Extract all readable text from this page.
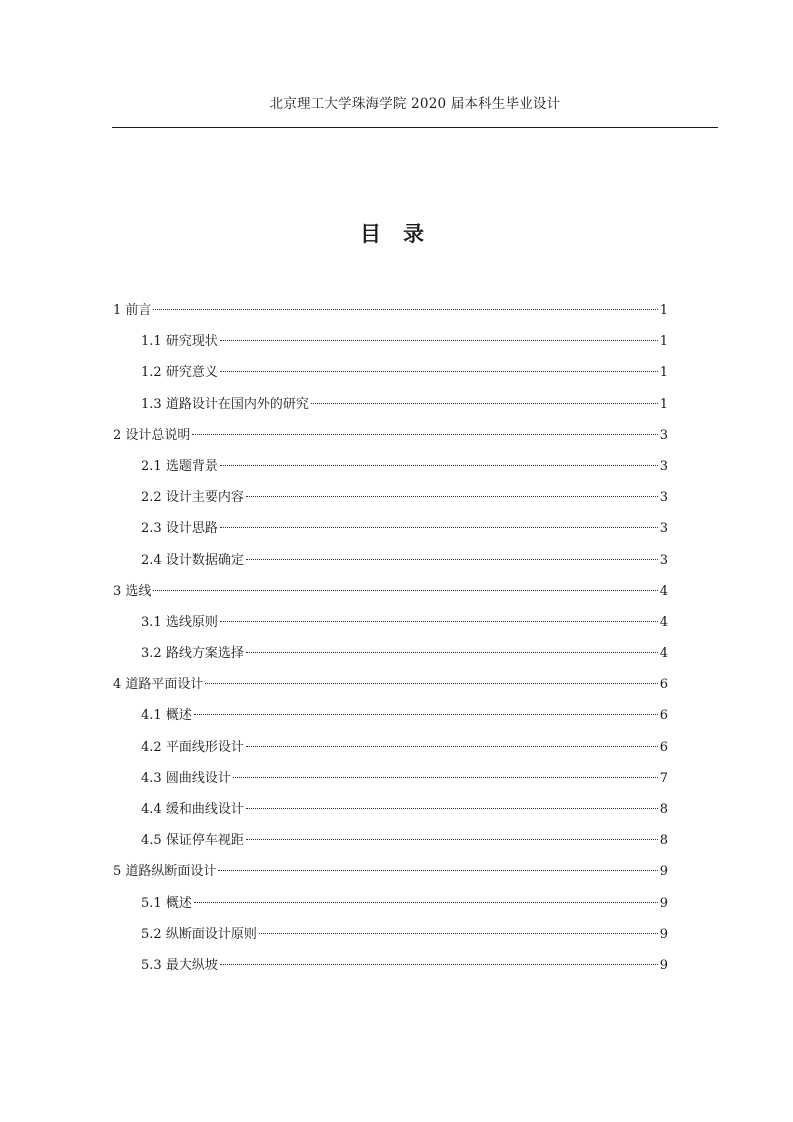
北京理工大学珠海学院 2020 届本科生毕业设计
目 录
1 前言	1
1.1 研究现状	1
1.2 研究意义	1
1.3 道路设计在国内外的研究	1
2 设计总说明	3
2.1 选题背景	3
2.2 设计主要内容	3
2.3 设计思路	3
2.4 设计数据确定	3
3 选线	4
3.1 选线原则	4
3.2 路线方案选择	4
4 道路平面设计	6
4.1 概述	6
4.2 平面线形设计	6
4.3 圆曲线设计	7
4.4 缓和曲线设计	8
4.5 保证停车视距	8
5 道路纵断面设计	9
5.1 概述	9
5.2 纵断面设计原则	9
5.3 最大纵坡	9
